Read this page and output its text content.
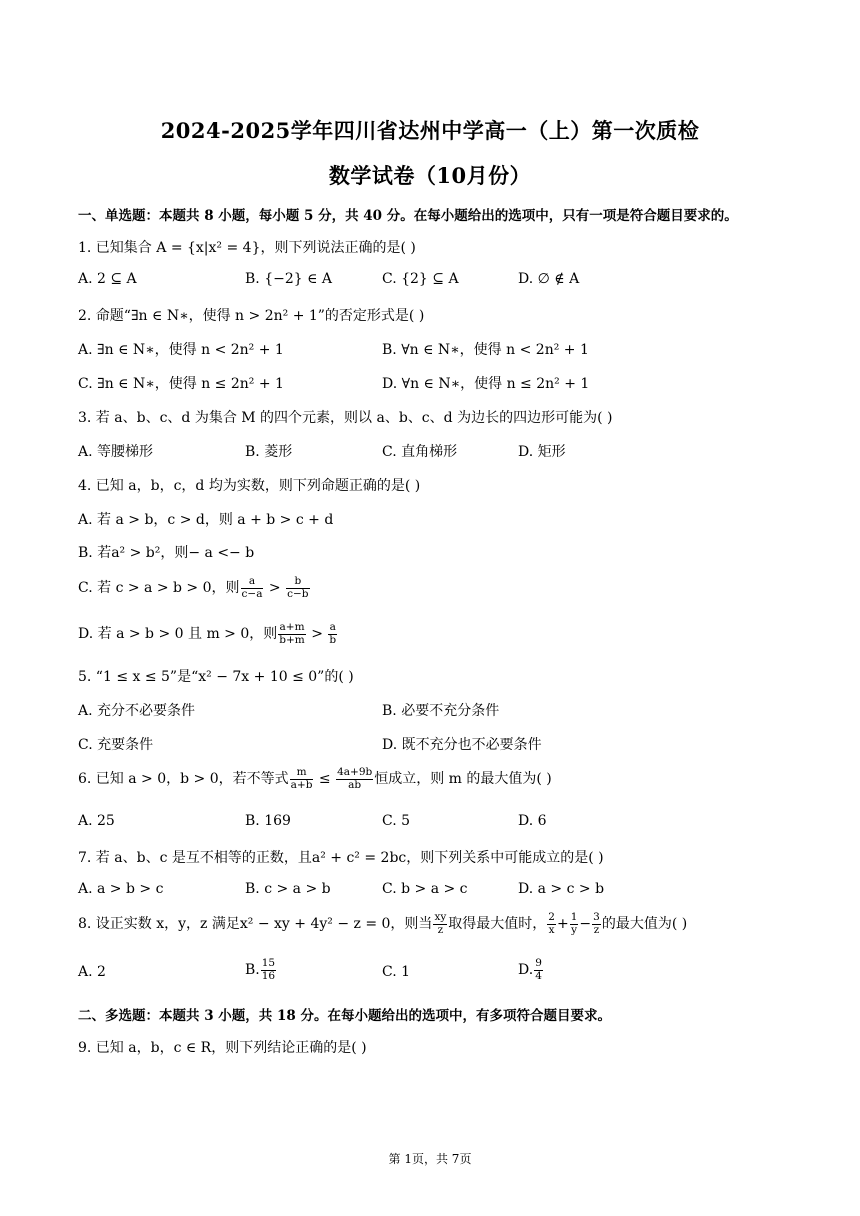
2024-2025学年四川省达州中学高一（上）第一次质检
数学试卷（10月份）
一、单选题：本题共 8 小题，每小题 5 分，共 40 分。在每小题给出的选项中，只有一项是符合题目要求的。
1. 已知集合 A = {x|x² = 4}，则下列说法正确的是( )
A. 2 ⊆ A	B. {−2} ∈ A	C. {2} ⊆ A	D. ∅ ∉ A
2. 命题“∃n ∈ N∗，使得 n > 2n² + 1”的否定形式是( )
A. ∃n ∈ N∗，使得 n < 2n² + 1	B. ∀n ∈ N∗，使得 n < 2n² + 1
C. ∃n ∈ N∗，使得 n ≤ 2n² + 1	D. ∀n ∈ N∗，使得 n ≤ 2n² + 1
3. 若 a、b、c、d 为集合 M 的四个元素，则以 a、b、c、d 为边长的四边形可能为( )
A. 等腰梯形	B. 菱形	C. 直角梯形	D. 矩形
4. 已知 a，b，c，d 均为实数，则下列命题正确的是( )
A. 若 a > b，c > d，则 a + b > c + d
B. 若a² > b²，则− a <− b
C. 若 c > a > b > 0，则 $\frac{a}{c-a} > \frac{b}{c-b}$
D. 若 a > b > 0 且 m > 0，则 $\frac{a+m}{b+m} > \frac{a}{b}$
5. “1 ≤ x ≤ 5”是“x² − 7x + 10 ≤ 0”的( )
A. 充分不必要条件	B. 必要不充分条件
C. 充要条件	D. 既不充分也不必要条件
6. 已知 a > 0，b > 0，若不等式 $\frac{m}{a+b} \le \frac{4a+9b}{ab}$ 恒成立，则 m 的最大值为( )
A. 25	B. 169	C. 5	D. 6
7. 若 a、b、c 是互不相等的正数，且a² + c² = 2bc，则下列关系中可能成立的是( )
A. a > b > c	B. c > a > b	C. b > a > c	D. a > c > b
8. 设正实数 x，y，z 满足x² − xy + 4y² − z = 0，则当 $\frac{xy}{z}$ 取得最大值时， $\frac{2}{x} + \frac{1}{y} - \frac{3}{z}$ 的最大值为( )
A. 2	B. $\frac{15}{16}$	C. 1	D. $\frac{9}{4}$
二、多选题：本题共 3 小题，共 18 分。在每小题给出的选项中，有多项符合题目要求。
9. 已知 a，b，c ∈ R，则下列结论正确的是( )
第 1页，共 7页
